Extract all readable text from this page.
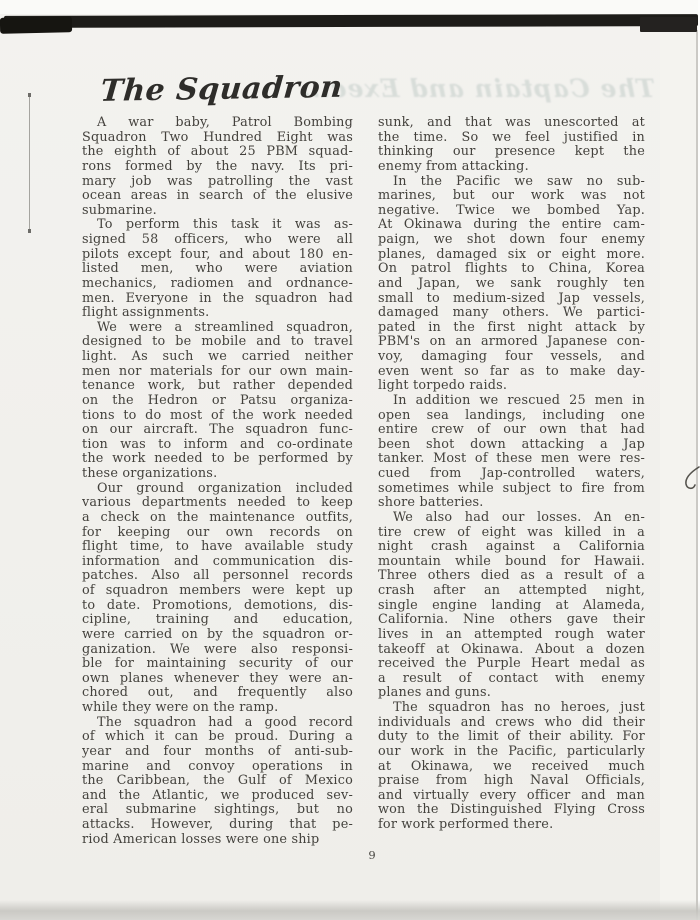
The Captain and Exec...
The Squadron
A war baby, Patrol Bombing
Squadron Two Hundred Eight was
the eighth of about 25 PBM squad-
rons formed by the navy. Its pri-
mary job was patrolling the vast
ocean areas in search of the elusive
submarine.
To perform this task it was as-
signed 58 officers, who were all
pilots except four, and about 180 en-
listed men, who were aviation
mechanics, radiomen and ordnance-
men. Everyone in the squadron had
flight assignments.
We were a streamlined squadron,
designed to be mobile and to travel
light. As such we carried neither
men nor materials for our own main-
tenance work, but rather depended
on the Hedron or Patsu organiza-
tions to do most of the work needed
on our aircraft. The squadron func-
tion was to inform and co-ordinate
the work needed to be performed by
these organizations.
Our ground organization included
various departments needed to keep
a check on the maintenance outfits,
for keeping our own records on
flight time, to have available study
information and communication dis-
patches. Also all personnel records
of squadron members were kept up
to date. Promotions, demotions, dis-
cipline, training and education,
were carried on by the squadron or-
ganization. We were also responsi-
ble for maintaining security of our
own planes whenever they were an-
chored out, and frequently also
while they were on the ramp.
The squadron had a good record
of which it can be proud. During a
year and four months of anti-sub-
marine and convoy operations in
the Caribbean, the Gulf of Mexico
and the Atlantic, we produced sev-
eral submarine sightings, but no
attacks. However, during that pe-
riod American losses were one ship
sunk, and that was unescorted at
the time. So we feel justified in
thinking our presence kept the
enemy from attacking.
In the Pacific we saw no sub-
marines, but our work was not
negative. Twice we bombed Yap.
At Okinawa during the entire cam-
paign, we shot down four enemy
planes, damaged six or eight more.
On patrol flights to China, Korea
and Japan, we sank roughly ten
small to medium-sized Jap vessels,
damaged many others. We partici-
pated in the first night attack by
PBM's on an armored Japanese con-
voy, damaging four vessels, and
even went so far as to make day-
light torpedo raids.
In addition we rescued 25 men in
open sea landings, including one
entire crew of our own that had
been shot down attacking a Jap
tanker. Most of these men were res-
cued from Jap-controlled waters,
sometimes while subject to fire from
shore batteries.
We also had our losses. An en-
tire crew of eight was killed in a
night crash against a California
mountain while bound for Hawaii.
Three others died as a result of a
crash after an attempted night,
single engine landing at Alameda,
California. Nine others gave their
lives in an attempted rough water
takeoff at Okinawa. About a dozen
received the Purple Heart medal as
a result of contact with enemy
planes and guns.
The squadron has no heroes, just
individuals and crews who did their
duty to the limit of their ability. For
our work in the Pacific, particularly
at Okinawa, we received much
praise from high Naval Officials,
and virtually every officer and man
won the Distinguished Flying Cross
for work performed there.
9
